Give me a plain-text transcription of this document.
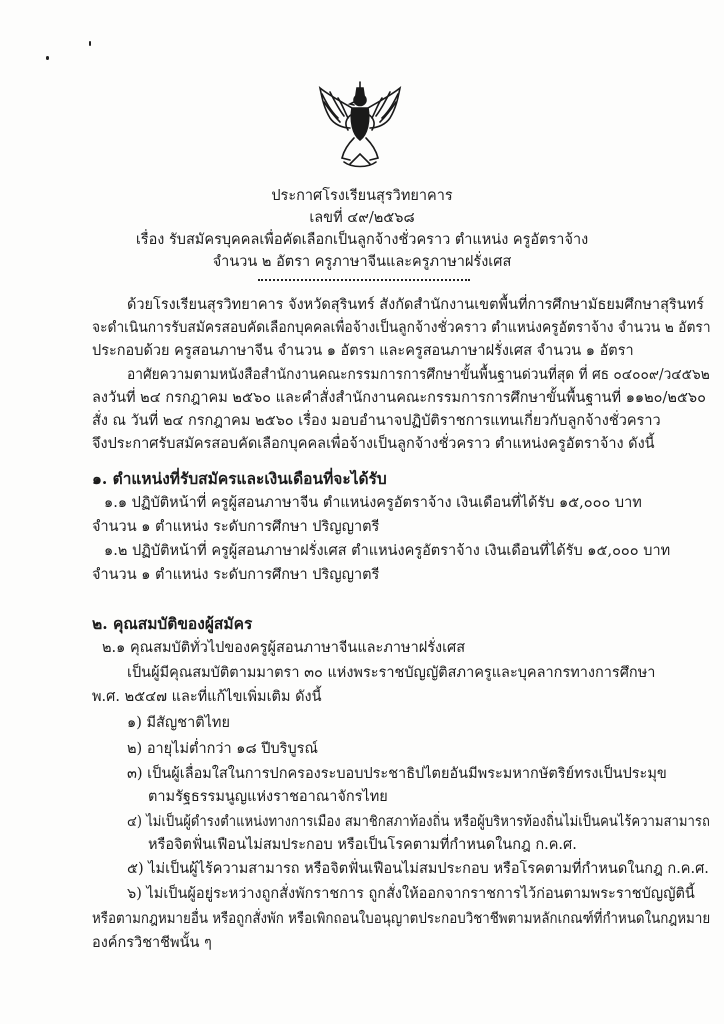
ประกาศโรงเรียนสุรวิทยาคาร
เลขที่ ๔๙/๒๕๖๘
เรื่อง รับสมัครบุคคลเพื่อคัดเลือกเป็นลูกจ้างชั่วคราว ตำแหน่ง ครูอัตราจ้าง
จำนวน ๒ อัตรา ครูภาษาจีนและครูภาษาฝรั่งเศส
ด้วยโรงเรียนสุรวิทยาคาร จังหวัดสุรินทร์ สังกัดสำนักงานเขตพื้นที่การศึกษามัธยมศึกษาสุรินทร์
จะดำเนินการรับสมัครสอบคัดเลือกบุคคลเพื่อจ้างเป็นลูกจ้างชั่วคราว ตำแหน่งครูอัตราจ้าง จำนวน ๒ อัตรา
ประกอบด้วย ครูสอนภาษาจีน จำนวน ๑ อัตรา และครูสอนภาษาฝรั่งเศส จำนวน ๑ อัตรา
อาศัยความตามหนังสือสำนักงานคณะกรรมการการศึกษาขั้นพื้นฐานด่วนที่สุด ที่ ศธ ๐๔๐๐๙/ว๔๕๖๒
ลงวันที่ ๒๔ กรกฎาคม ๒๕๖๐ และคำสั่งสำนักงานคณะกรรมการการศึกษาขั้นพื้นฐานที่ ๑๑๒๐/๒๕๖๐
สั่ง ณ วันที่ ๒๔ กรกฎาคม ๒๕๖๐ เรื่อง มอบอำนาจปฏิบัติราชการแทนเกี่ยวกับลูกจ้างชั่วคราว
จึงประกาศรับสมัครสอบคัดเลือกบุคคลเพื่อจ้างเป็นลูกจ้างชั่วคราว ตำแหน่งครูอัตราจ้าง ดังนี้
๑. ตำแหน่งที่รับสมัครและเงินเดือนที่จะได้รับ
๑.๑ ปฏิบัติหน้าที่ ครูผู้สอนภาษาจีน ตำแหน่งครูอัตราจ้าง เงินเดือนที่ได้รับ ๑๕,๐๐๐ บาท
จำนวน ๑ ตำแหน่ง ระดับการศึกษา ปริญญาตรี
๑.๒ ปฏิบัติหน้าที่ ครูผู้สอนภาษาฝรั่งเศส ตำแหน่งครูอัตราจ้าง เงินเดือนที่ได้รับ ๑๕,๐๐๐ บาท
จำนวน ๑ ตำแหน่ง ระดับการศึกษา ปริญญาตรี
๒. คุณสมบัติของผู้สมัคร
๒.๑ คุณสมบัติทั่วไปของครูผู้สอนภาษาจีนและภาษาฝรั่งเศส
เป็นผู้มีคุณสมบัติตามมาตรา ๓๐ แห่งพระราชบัญญัติสภาครูและบุคลากรทางการศึกษา
พ.ศ. ๒๕๔๗ และที่แก้ไขเพิ่มเติม ดังนี้
๑) มีสัญชาติไทย
๒) อายุไม่ต่ำกว่า ๑๘ ปีบริบูรณ์
๓) เป็นผู้เลื่อมใสในการปกครองระบอบประชาธิปไตยอันมีพระมหากษัตริย์ทรงเป็นประมุข
ตามรัฐธรรมนูญแห่งราชอาณาจักรไทย
๔) ไม่เป็นผู้ดำรงตำแหน่งทางการเมือง สมาชิกสภาท้องถิ่น หรือผู้บริหารท้องถิ่นไม่เป็นคนไร้ความสามารถ
หรือจิตฟั่นเฟือนไม่สมประกอบ หรือเป็นโรคตามที่กำหนดในกฎ ก.ค.ศ.
๕) ไม่เป็นผู้ไร้ความสามารถ หรือจิตฟั่นเฟือนไม่สมประกอบ หรือโรคตามที่กำหนดในกฎ ก.ค.ศ.
๖) ไม่เป็นผู้อยู่ระหว่างถูกสั่งพักราชการ ถูกสั่งให้ออกจากราชการไว้ก่อนตามพระราชบัญญัตินี้
หรือตามกฎหมายอื่น หรือถูกสั่งพัก หรือเพิกถอนใบอนุญาตประกอบวิชาชีพตามหลักเกณฑ์ที่กำหนดในกฎหมาย
องค์กรวิชาชีพนั้น ๆ
